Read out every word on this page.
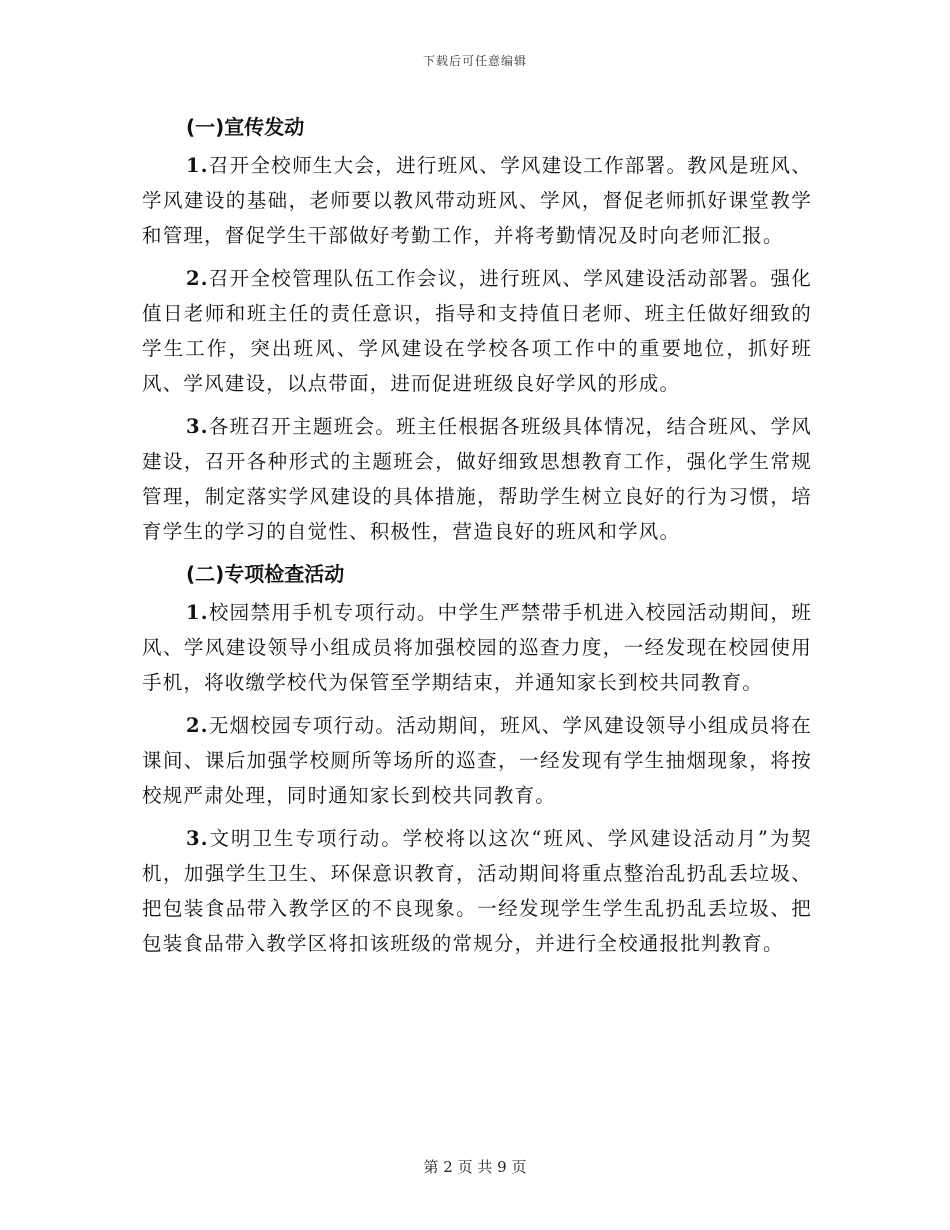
下载后可任意编辑
(一)宣传发动

1.召开全校师生大会，进行班风、学风建设工作部署。教风是班风、学风建设的基础，老师要以教风带动班风、学风，督促老师抓好课堂教学和管理，督促学生干部做好考勤工作，并将考勤情况及时向老师汇报。

2.召开全校管理队伍工作会议，进行班风、学风建设活动部署。强化值日老师和班主任的责任意识，指导和支持值日老师、班主任做好细致的学生工作，突出班风、学风建设在学校各项工作中的重要地位，抓好班风、学风建设，以点带面，进而促进班级良好学风的形成。

3.各班召开主题班会。班主任根据各班级具体情况，结合班风、学风建设，召开各种形式的主题班会，做好细致思想教育工作，强化学生常规管理，制定落实学风建设的具体措施，帮助学生树立良好的行为习惯，培育学生的学习的自觉性、积极性，营造良好的班风和学风。

(二)专项检查活动

1.校园禁用手机专项行动。中学生严禁带手机进入校园活动期间，班风、学风建设领导小组成员将加强校园的巡查力度，一经发现在校园使用手机，将收缴学校代为保管至学期结束，并通知家长到校共同教育。

2.无烟校园专项行动。活动期间，班风、学风建设领导小组成员将在课间、课后加强学校厕所等场所的巡查，一经发现有学生抽烟现象，将按校规严肃处理，同时通知家长到校共同教育。

3.文明卫生专项行动。学校将以这次“班风、学风建设活动月”为契机，加强学生卫生、环保意识教育，活动期间将重点整治乱扔乱丢垃圾、把包装食品带入教学区的不良现象。一经发现学生学生乱扔乱丢垃圾、把包装食品带入教学区将扣该班级的常规分，并进行全校通报批判教育。

第 2 页 共 9 页
